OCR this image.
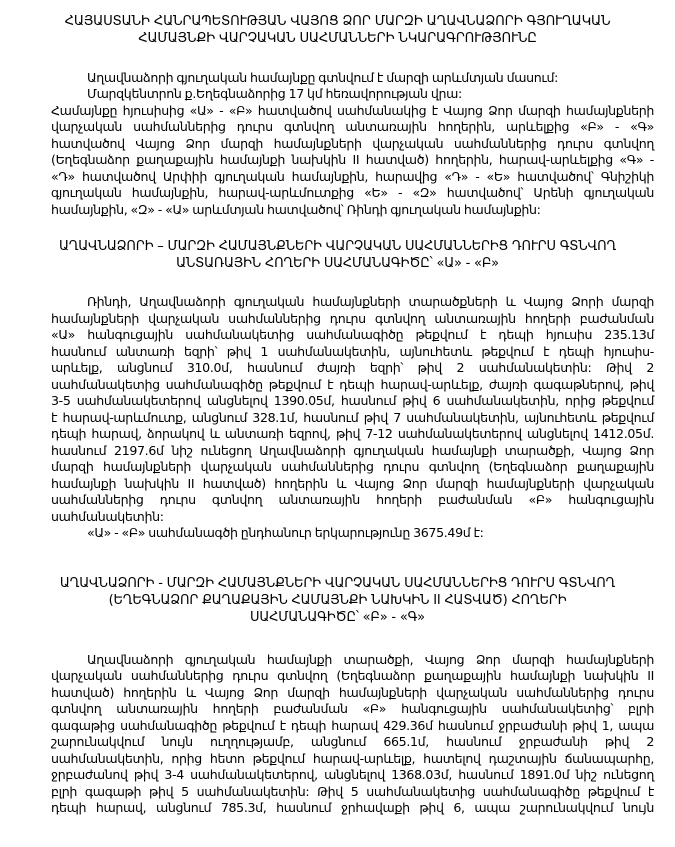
ՀԱՅԱՍՏԱՆԻ ՀԱՆՐԱՊԵՏՈՒԹՅԱՆ ՎԱՅՈՑ ՁՈՐ ՄԱՐԶԻ ԱՂԱՎՆԱՁՈՐԻ ԳՅՈՒՂԱԿԱՆ
ՀԱՄԱՅՆՔԻ ՎԱՐՉԱԿԱՆ ՍԱՀՄԱՆՆԵՐԻ ՆԿԱՐԱԳՐՈՒԹՅՈՒՆԸ
Աղավնաձորի գյուղական համայնքը գտնվում է մարզի արևմտյան մասում:
Մարզկենտրոն ք.Եղեգնաձորից 17 կմ հեռավորության վրա:
Համայնքը հյուսիսից «Ա» - «Բ» հատվածով սահմանակից է Վայոց Ձոր մարզի համայնքների
վարչական սահմաններից դուրս գտնվող անտառային հողերին, արևելքից «Բ» - «Գ»
հատվածով Վայոց Ձոր մարզի համայնքների վարչական սահմաններից դուրս գտնվող
(Եղեգնաձոր քաղաքային համայնքի նախկին II հատված) հողերին, հարավ-արևելքից «Գ» -
«Դ» հատվածով Արփիի գյուղական համայնքին, հարավից «Դ» - «Ե» հատվածով՝ Գնիշիկի
գյուղական համայնքին, հարավ-արևմուտքից «Ե» - «Զ» հատվածով՝ Արենի գյուղական
համայնքին, «Զ» - «Ա» արևմտյան հատվածով՝ Ռինդի գյուղական համայնքին:
ԱՂԱՎՆԱՁՈՐԻ – ՄԱՐԶԻ ՀԱՄԱՅՆՔՆԵՐԻ ՎԱՐՉԱԿԱՆ ՍԱՀՄԱՆՆԵՐԻՑ ԴՈՒՐՍ ԳՏՆՎՈՂ
ԱՆՏԱՌԱՅԻՆ ՀՈՂԵՐԻ ՍԱՀՄԱՆԱԳԻԾԸ՝ «Ա» - «Բ»
Ռինդի, Աղավնաձորի գյուղական համայնքների տարածքների և Վայոց Ձորի մարզի
համայնքների վարչական սահմաններից դուրս գտնվող անտառային հողերի բաժանման
«Ա» հանգուցային սահմանակետից սահմանագիծը թեքվում է դեպի հյուսիս 235.13մ
հասնում անտառի եզրի՝ թիվ 1 սահմանակետին, այնուհետև թեքվում է դեպի հյուսիս-
արևելք, անցնում 310.0մ, հասնում ժայռի եզրի՝ թիվ 2 սահմանակետին: Թիվ 2
սահմանակետից սահմանագիծը թեքվում է դեպի հարավ-արևելք, ժայռի գագաթներով, թիվ
3-5 սահմանակետերով անցնելով 1390.05մ, հասնում թիվ 6 սահմանակետին, որից թեքվում
է հարավ-արևմուտք, անցնում 328.1մ, հասնում թիվ 7 սահմանակետին, այնուհետև թեքվում
դեպի հարավ, ձորակով և անտառի եզրով, թիվ 7-12 սահմանակետերով անցնելով 1412.05մ.
հասնում 2197.6մ նիշ ունեցող Աղավնաձորի գյուղական համայնքի տարածքի, Վայոց Ձոր
մարզի համայնքների վարչական սահմաններից դուրս գտնվող (Եղեգնաձոր քաղաքային
համայնքի նախկին II հատված) հողերին և Վայոց Ձոր մարզի համայնքների վարչական
սահմաններից դուրս գտնվող անտառային հողերի բաժանման «Բ» հանգուցային
սահմանակետին:
«Ա» - «Բ» սահմանագծի ընդհանուր երկարությունը 3675.49մ է:
ԱՂԱՎՆԱՁՈՐԻ - ՄԱՐԶԻ ՀԱՄԱՅՆՔՆԵՐԻ ՎԱՐՉԱԿԱՆ ՍԱՀՄԱՆՆԵՐԻՑ ԴՈՒՐՍ ԳՏՆՎՈՂ
(ԵՂԵԳՆԱՁՈՐ ՔԱՂԱՔԱՅԻՆ ՀԱՄԱՅՆՔԻ ՆԱԽԿԻՆ II ՀԱՏՎԱԾ) ՀՈՂԵՐԻ
ՍԱՀՄԱՆԱԳԻԾԸ՝ «Բ» - «Գ»
Աղավնաձորի գյուղական համայնքի տարածքի, Վայոց Ձոր մարզի համայնքների
վարչական սահմաններից դուրս գտնվող (Եղեգնաձոր քաղաքային համայնքի նախկին II
հատված) հողերին և Վայոց Ձոր մարզի համայնքների վարչական սահմաններից դուրս
գտնվող անտառային հողերի բաժանման «Բ» հանգուցային սահմանակետից՝ բլրի
գագաթից սահմանագիծը թեքվում է դեպի հարավ 429.36մ հասնում ջրբաժանի թիվ 1, ապա
շարունակվում նույն ուղղությամբ, անցնում 665.1մ, հասնում ջրբաժանի թիվ 2
սահմանակետին, որից հետո թեքվում հարավ-արևելք, հատելով դաշտային ճանապարհը,
ջրբաժանով թիվ 3-4 սահմանակետերով, անցնելով 1368.03մ, հասնում 1891.0մ նիշ ունեցող
բլրի գագաթի թիվ 5 սահմանակետին: Թիվ 5 սահմանակետից սահմանագիծը թեքվում է
դեպի հարավ, անցնում 785.3մ, հասնում ջրհավաքի թիվ 6, ապա շարունակվում նույն
